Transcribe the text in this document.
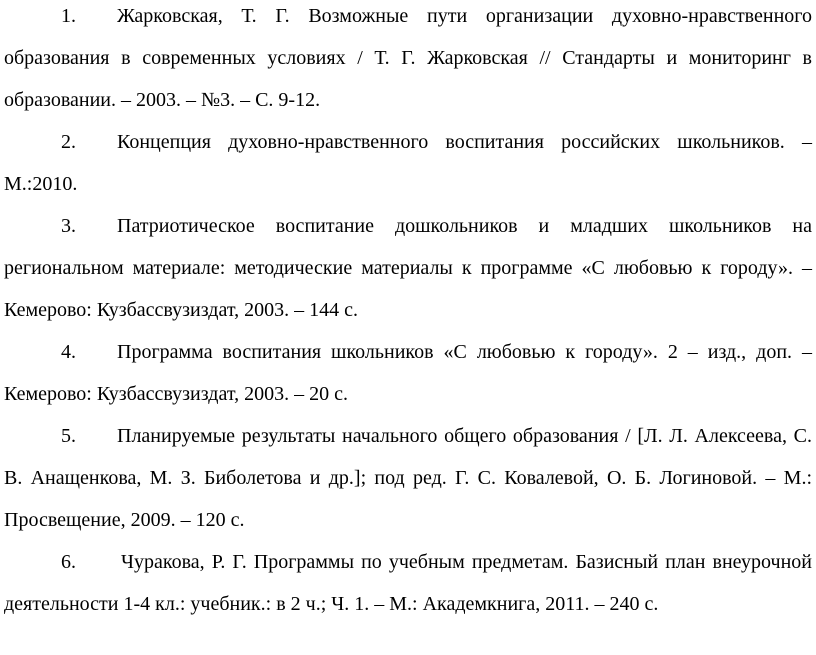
1. Жарковская, Т. Г. Возможные пути организации духовно-нравственного образования в современных условиях / Т. Г. Жарковская // Стандарты и мониторинг в образовании. – 2003. – №3. – С. 9-12.

2. Концепция духовно-нравственного воспитания российских школьников. – М.:2010.

3. Патриотическое воспитание дошкольников и младших школьников на региональном материале: методические материалы к программе «С любовью к городу». – Кемерово: Кузбассвузиздат, 2003. – 144 с.

4. Программа воспитания школьников «С любовью к городу». 2 – изд., доп. – Кемерово: Кузбассвузиздат, 2003. – 20 с.

5. Планируемые результаты начального общего образования / [Л. Л. Алексеева, С. В. Анащенкова, М. З. Биболетова и др.]; под ред. Г. С. Ковалевой, О. Б. Логиновой. – М.: Просвещение, 2009. – 120 с.

6. Чуракова, Р. Г. Программы по учебным предметам. Базисный план внеурочной деятельности 1-4 кл.: учебник.: в 2 ч.; Ч. 1. – М.: Академкнига, 2011. – 240 с.
